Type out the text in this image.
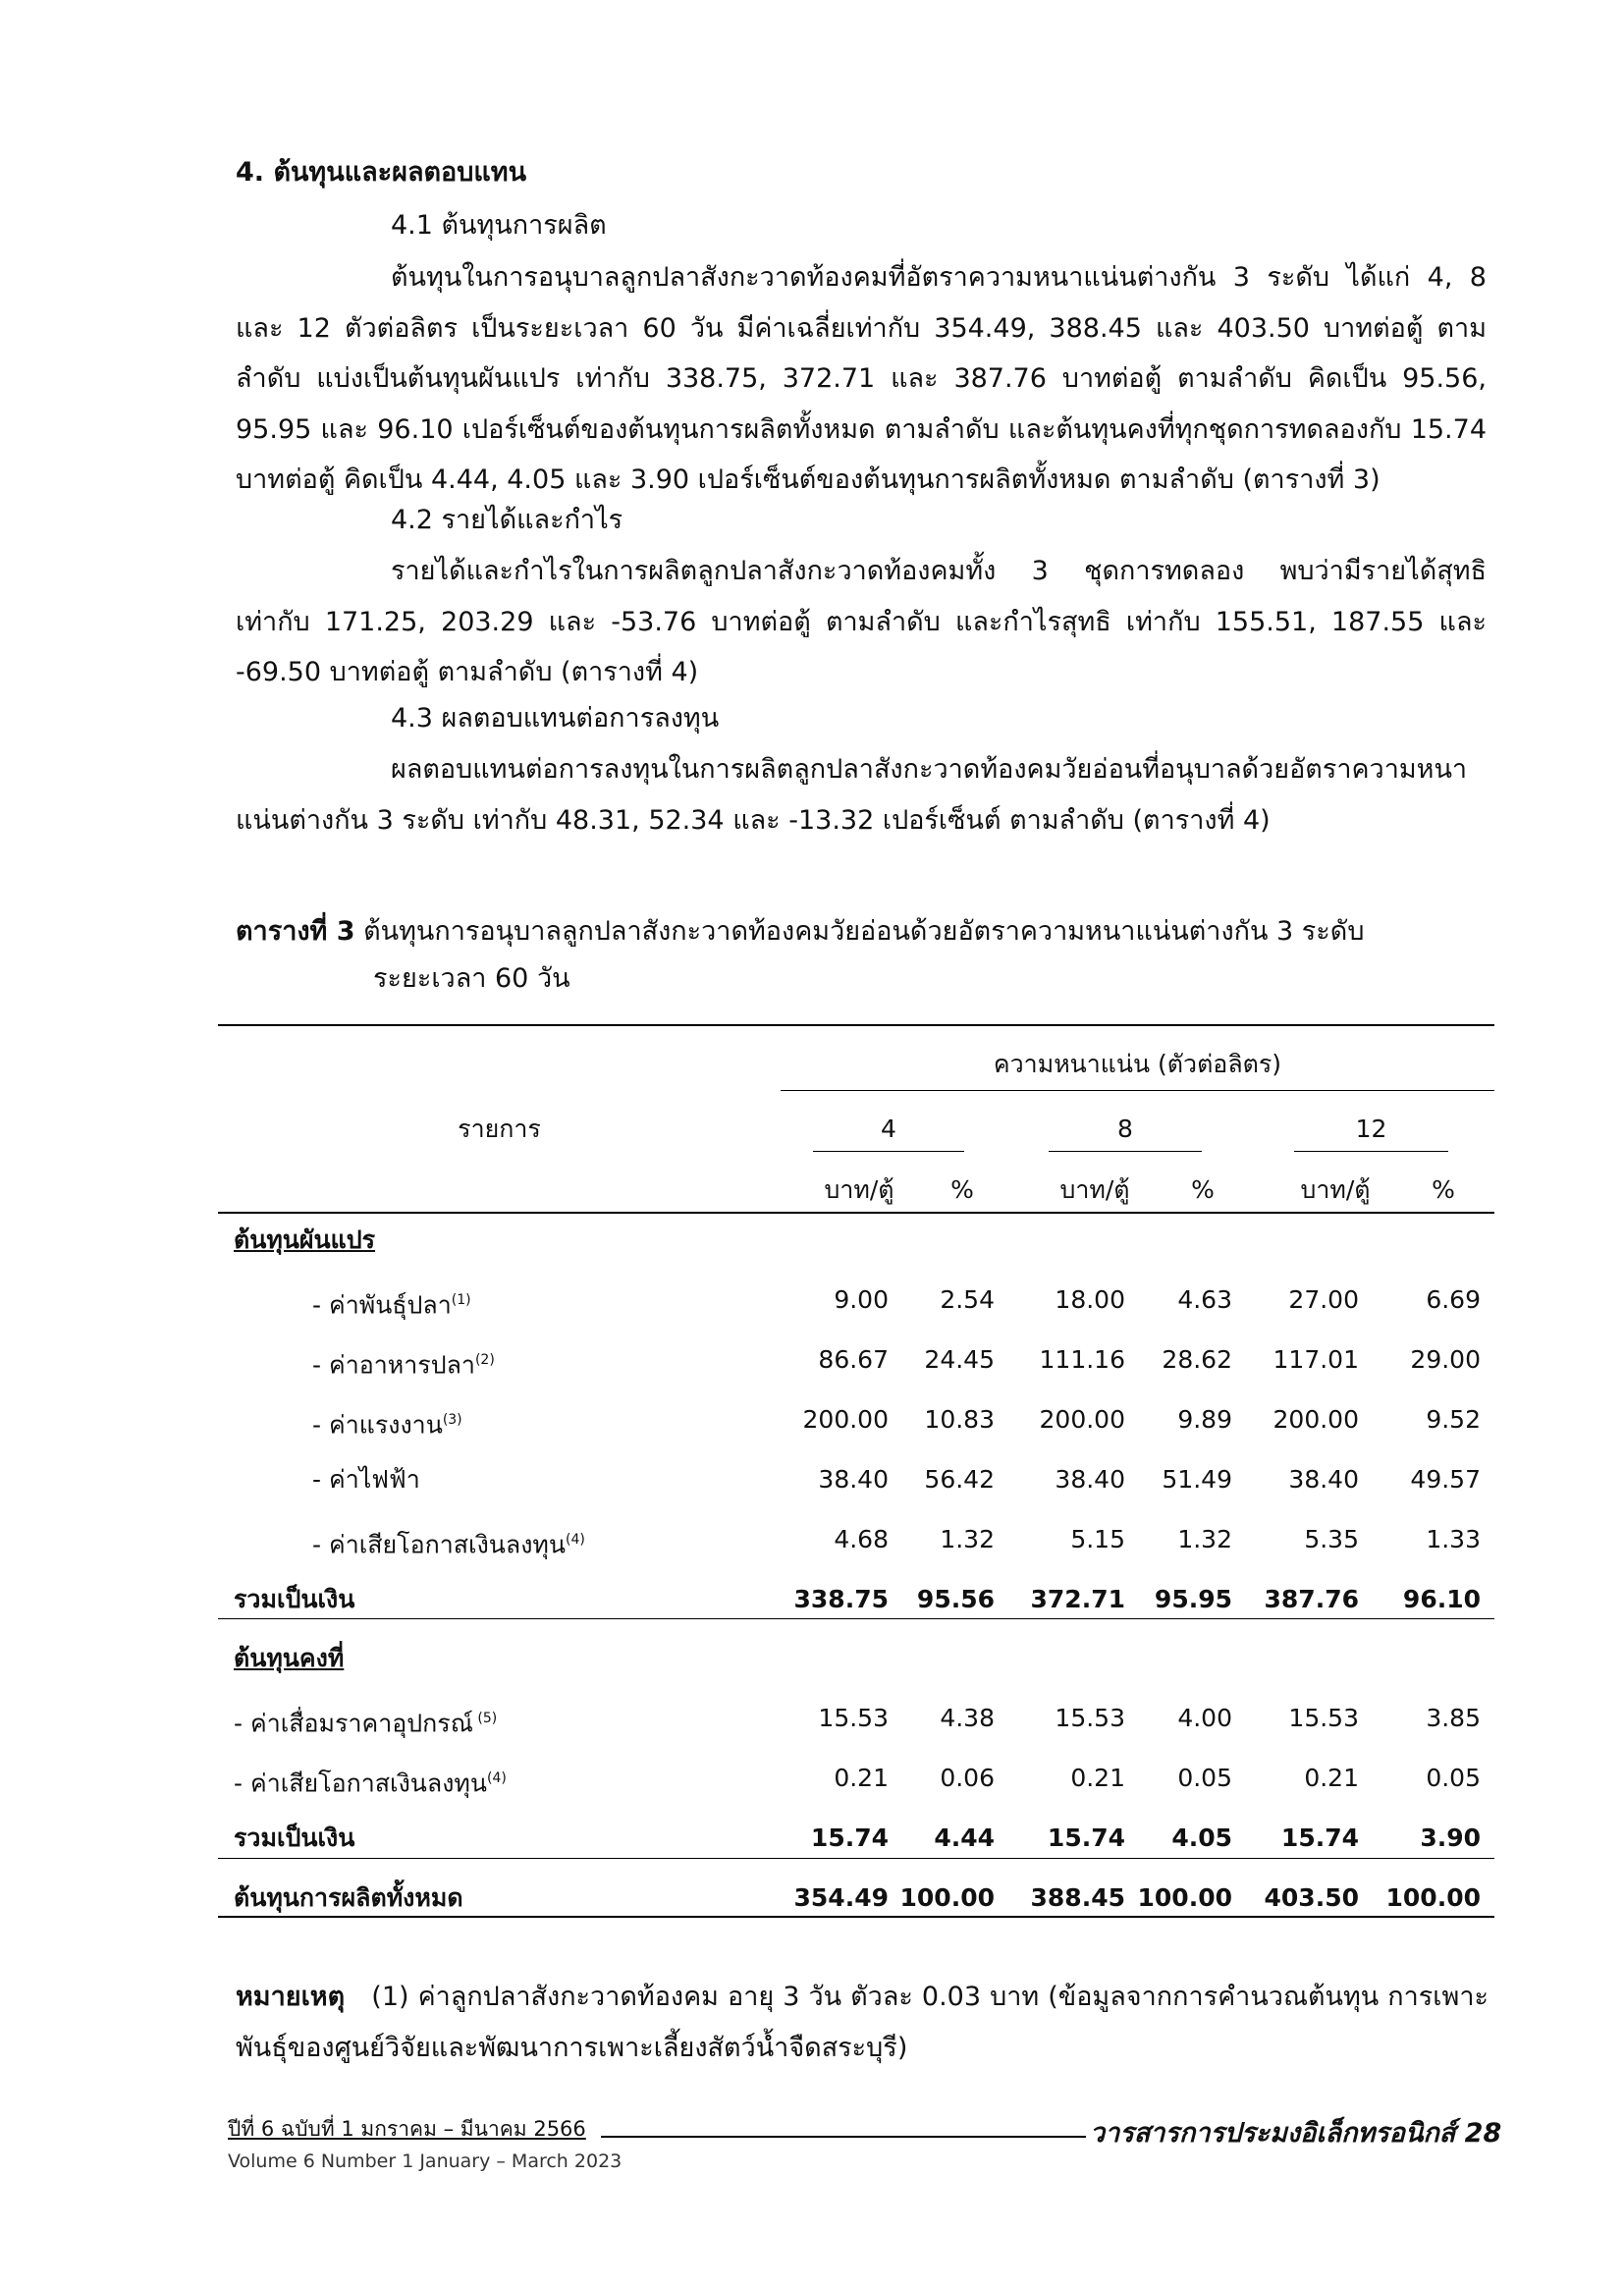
4. ต้นทุนและผลตอบแทน
4.1 ต้นทุนการผลิต
ต้นทุนในการอนุบาลลูกปลาสังกะวาดท้องคมที่อัตราความหนาแน่นต่างกัน 3 ระดับ ได้แก่ 4, 8 และ 12 ตัวต่อลิตร เป็นระยะเวลา 60 วัน มีค่าเฉลี่ยเท่ากับ 354.49, 388.45 และ 403.50 บาทต่อตู้ ตามลำดับ แบ่งเป็นต้นทุนผันแปร เท่ากับ 338.75, 372.71 และ 387.76 บาทต่อตู้ ตามลำดับ คิดเป็น 95.56, 95.95 และ 96.10 เปอร์เซ็นต์ของต้นทุนการผลิตทั้งหมด ตามลำดับ และต้นทุนคงที่ทุกชุดการทดลองกับ 15.74 บาทต่อตู้ คิดเป็น 4.44, 4.05 และ 3.90 เปอร์เซ็นต์ของต้นทุนการผลิตทั้งหมด ตามลำดับ (ตารางที่ 3)
4.2 รายได้และกำไร
รายได้และกำไรในการผลิตลูกปลาสังกะวาดท้องคมทั้ง 3 ชุดการทดลอง พบว่ามีรายได้สุทธิ เท่ากับ 171.25, 203.29 และ -53.76 บาทต่อตู้ ตามลำดับ และกำไรสุทธิ เท่ากับ 155.51, 187.55 และ -69.50 บาทต่อตู้ ตามลำดับ (ตารางที่ 4)
4.3 ผลตอบแทนต่อการลงทุน
ผลตอบแทนต่อการลงทุนในการผลิตลูกปลาสังกะวาดท้องคมวัยอ่อนที่อนุบาลด้วยอัตราความหนาแน่นต่างกัน 3 ระดับ เท่ากับ 48.31, 52.34 และ -13.32 เปอร์เซ็นต์ ตามลำดับ (ตารางที่ 4)
ตารางที่ 3 ต้นทุนการอนุบาลลูกปลาสังกะวาดท้องคมวัยอ่อนด้วยอัตราความหนาแน่นต่างกัน 3 ระดับ
ระยะเวลา 60 วัน
ความหนาแน่น (ตัวต่อลิตร)
รายการ	4	8	12
บาท/ตู้	%	บาท/ตู้	%	บาท/ตู้	%
ต้นทุนผันแปร
- ค่าพันธุ์ปลา$^{(1)}$	9.00	2.54	18.00	4.63	27.00	6.69
- ค่าอาหารปลา$^{(2)}$	86.67	24.45	111.16	28.62	117.01	29.00
- ค่าแรงงาน$^{(3)}$	200.00	10.83	200.00	9.89	200.00	9.52
- ค่าไฟฟ้า	38.40	56.42	38.40	51.49	38.40	49.57
- ค่าเสียโอกาสเงินลงทุน$^{(4)}$	4.68	1.32	5.15	1.32	5.35	1.33
รวมเป็นเงิน	338.75	95.56	372.71	95.95	387.76	96.10
ต้นทุนคงที่
- ค่าเสื่อมราคาอุปกรณ์ $^{(5)}$	15.53	4.38	15.53	4.00	15.53	3.85
- ค่าเสียโอกาสเงินลงทุน$^{(4)}$	0.21	0.06	0.21	0.05	0.21	0.05
รวมเป็นเงิน	15.74	4.44	15.74	4.05	15.74	3.90
ต้นทุนการผลิตทั้งหมด	354.49 100.00	388.45 100.00	403.50	100.00
หมายเหตุ (1) ค่าลูกปลาสังกะวาดท้องคม อายุ 3 วัน ตัวละ 0.03 บาท (ข้อมูลจากการคำนวณต้นทุน การเพาะพันธุ์ของศูนย์วิจัยและพัฒนาการเพาะเลี้ยงสัตว์น้ำจืดสระบุรี)
ปีที่ 6 ฉบับที่ 1 มกราคม – มีนาคม 2566	วารสารการประมงอิเล็กทรอนิกส์ 28
Volume 6 Number 1 January – March 2023
